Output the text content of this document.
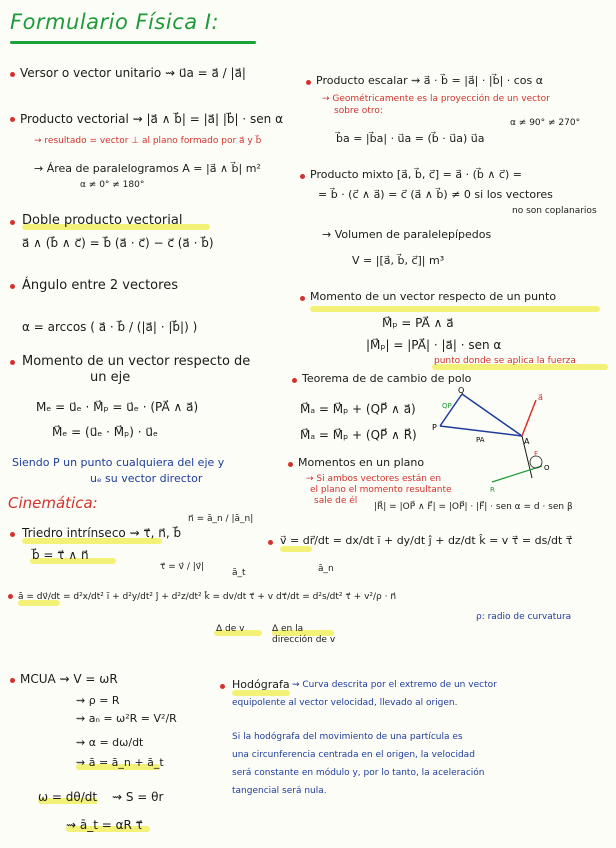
Formulario Física I:
Versor o vector unitario ⇝ u⃗a = a⃗ / |a⃗|
Producto vectorial ⇝ |a⃗ ∧ b⃗| = |a⃗| |b⃗| · sen α
→ resultado = vector ⊥ al plano formado por a⃗ y b⃗
→ Área de paralelogramos A = |a⃗ ∧ b⃗| m²
α ≠ 0° ≠ 180°
Doble producto vectorial
a⃗ ∧ (b⃗ ∧ c⃗) = b⃗ (a⃗ · c⃗) − c⃗ (a⃗ · b⃗)
Ángulo entre 2 vectores
α = arccos ( a⃗ · b⃗ / (|a⃗| · |b⃗|) )
Momento de un vector respecto de
un eje
Mₑ = u⃗ₑ · M⃗ₚ = u⃗ₑ · (PA⃗ ∧ a⃗)
M⃗ₑ = (u⃗ₑ · M⃗ₚ) · u⃗ₑ
Siendo P un punto cualquiera del eje y
uₑ su vector director
Producto escalar ⇝ a⃗ · b⃗ = |a⃗| · |b⃗| · cos α
→ Geométricamente es la proyección de un vector
sobre otro:
α ≠ 90° ≠ 270°
b⃗a = |b⃗a| · u⃗a = (b⃗ · u⃗a) u⃗a
Producto mixto [a⃗, b⃗, c⃗] = a⃗ · (b⃗ ∧ c⃗) =
= b⃗ · (c⃗ ∧ a⃗) = c⃗ (a⃗ ∧ b⃗) ≠ 0 si los vectores
no son coplanarios
→ Volumen de paralelepípedos
V = |[a⃗, b⃗, c⃗]| m³
Momento de un vector respecto de un punto
M⃗ₚ = PA⃗ ∧ a⃗
|M⃗ₚ| = |PA⃗| · |a⃗| · sen α
punto donde se aplica la fuerza
Teorema de de cambio de polo
M⃗ₐ = M⃗ₚ + (QP⃗ ∧ a⃗)
M⃗ₐ = M⃗ₚ + (QP⃗ ∧ R⃗)
Q
P
QP
PA	A
a⃗
F
O
R
Momentos en un plano
→ Si ambos vectores están en
el plano el momento resultante
sale de él
|R⃗| = |OP⃗ ∧ F⃗| = |OP⃗| · |F⃗| · sen α = d · sen β
Cinemática:
Triedro intrínseco ⇝ τ⃗, n⃗, b⃗
b⃗ = τ⃗ ∧ n⃗
n⃗ = ā_n / |ā_n|
τ⃗ = v⃗ / |v⃗|
v⃗ = dr⃗/dt = dx/dt ī + dy/dt ĵ + dz/dt k̂ = v τ⃗ = ds/dt τ⃗
ā = dv⃗/dt = d²x/dt² ī + d²y/dt² ĵ + d²z/dt² k̂ = dv/dt τ⃗ + v dτ⃗/dt = d²s/dt² τ⃗ + v²/ρ · n⃗
ā_t	ā_n
ρ: radio de curvatura
Δ de v	Δ en la dirección de v
MCUA ⇝ V = ωR
⇝ ρ = R
⇝ aₙ = ω²R = V²/R
⇝ α = dω/dt
⇝ ā = ā_n + ā_t
ω = dθ/dt ⇝ S = θr
⇝ ā_t = αR τ⃗
Hodógrafa ⇝ Curva descrita por el extremo de un vector
equipolente al vector velocidad, llevado al origen.
Si la hodógrafa del movimiento de una partícula es
una circunferencia centrada en el origen, la velocidad
será constante en módulo y, por lo tanto, la aceleración
tangencial será nula.
